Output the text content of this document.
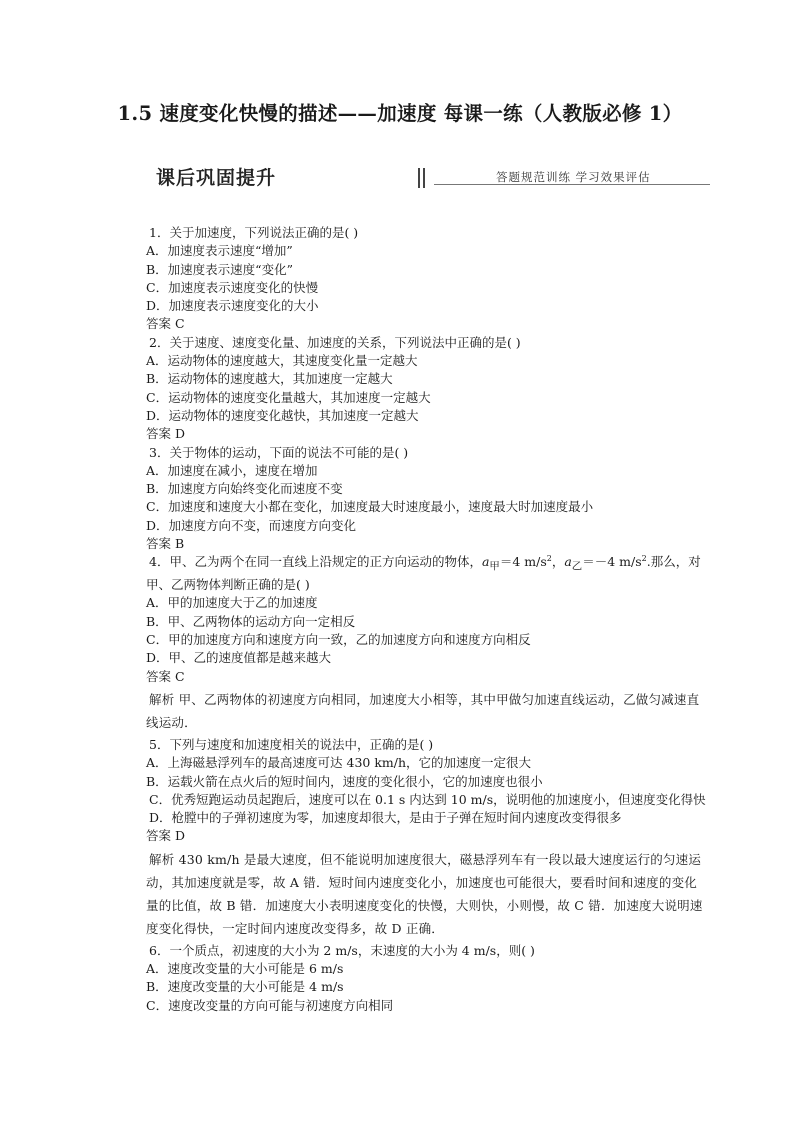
1.5 速度变化快慢的描述——加速度 每课一练（人教版必修 1）
课后巩固提升	答题规范训练 学习效果评估

1．关于加速度，下列说法正确的是( )

A．加速度表示速度“增加”

B．加速度表示速度“变化”

C．加速度表示速度变化的快慢

D．加速度表示速度变化的大小

答案 C

2．关于速度、速度变化量、加速度的关系，下列说法中正确的是( )

A．运动物体的速度越大，其速度变化量一定越大

B．运动物体的速度越大，其加速度一定越大

C．运动物体的速度变化量越大，其加速度一定越大

D．运动物体的速度变化越快，其加速度一定越大

答案 D

3．关于物体的运动，下面的说法不可能的是( )

A．加速度在减小，速度在增加

B．加速度方向始终变化而速度不变

C．加速度和速度大小都在变化，加速度最大时速度最小，速度最大时加速度最小

D．加速度方向不变，而速度方向变化

答案 B

4．甲、乙为两个在同一直线上沿规定的正方向运动的物体，$a_甲=4$ $m/s^2$，$a_乙=-4$ $m/s^2$.那么，对甲、乙两物体判断正确的是( )

A．甲的加速度大于乙的加速度

B．甲、乙两物体的运动方向一定相反

C．甲的加速度方向和速度方向一致，乙的加速度方向和速度方向相反

D．甲、乙的速度值都是越来越大

答案 C

解析 甲、乙两物体的初速度方向相同，加速度大小相等，其中甲做匀加速直线运动，乙做匀减速直线运动．

5．下列与速度和加速度相关的说法中，正确的是( )

A．上海磁悬浮列车的最高速度可达 430 km/h，它的加速度一定很大

B．运载火箭在点火后的短时间内，速度的变化很小，它的加速度也很小

C．优秀短跑运动员起跑后，速度可以在 0.1 s 内达到 10 m/s，说明他的加速度小，但速度变化得快

D．枪膛中的子弹初速度为零，加速度却很大，是由于子弹在短时间内速度改变得很多

答案 D

解析 430 km/h 是最大速度，但不能说明加速度很大，磁悬浮列车有一段以最大速度运行的匀速运动，其加速度就是零，故 A 错．短时间内速度变化小，加速度也可能很大，要看时间和速度的变化量的比值，故 B 错．加速度大小表明速度变化的快慢，大则快，小则慢，故 C 错．加速度大说明速度变化得快，一定时间内速度改变得多，故 D 正确．

6．一个质点，初速度的大小为 2 m/s，末速度的大小为 4 m/s，则( )

A．速度改变量的大小可能是 6 m/s

B．速度改变量的大小可能是 4 m/s

C．速度改变量的方向可能与初速度方向相同
